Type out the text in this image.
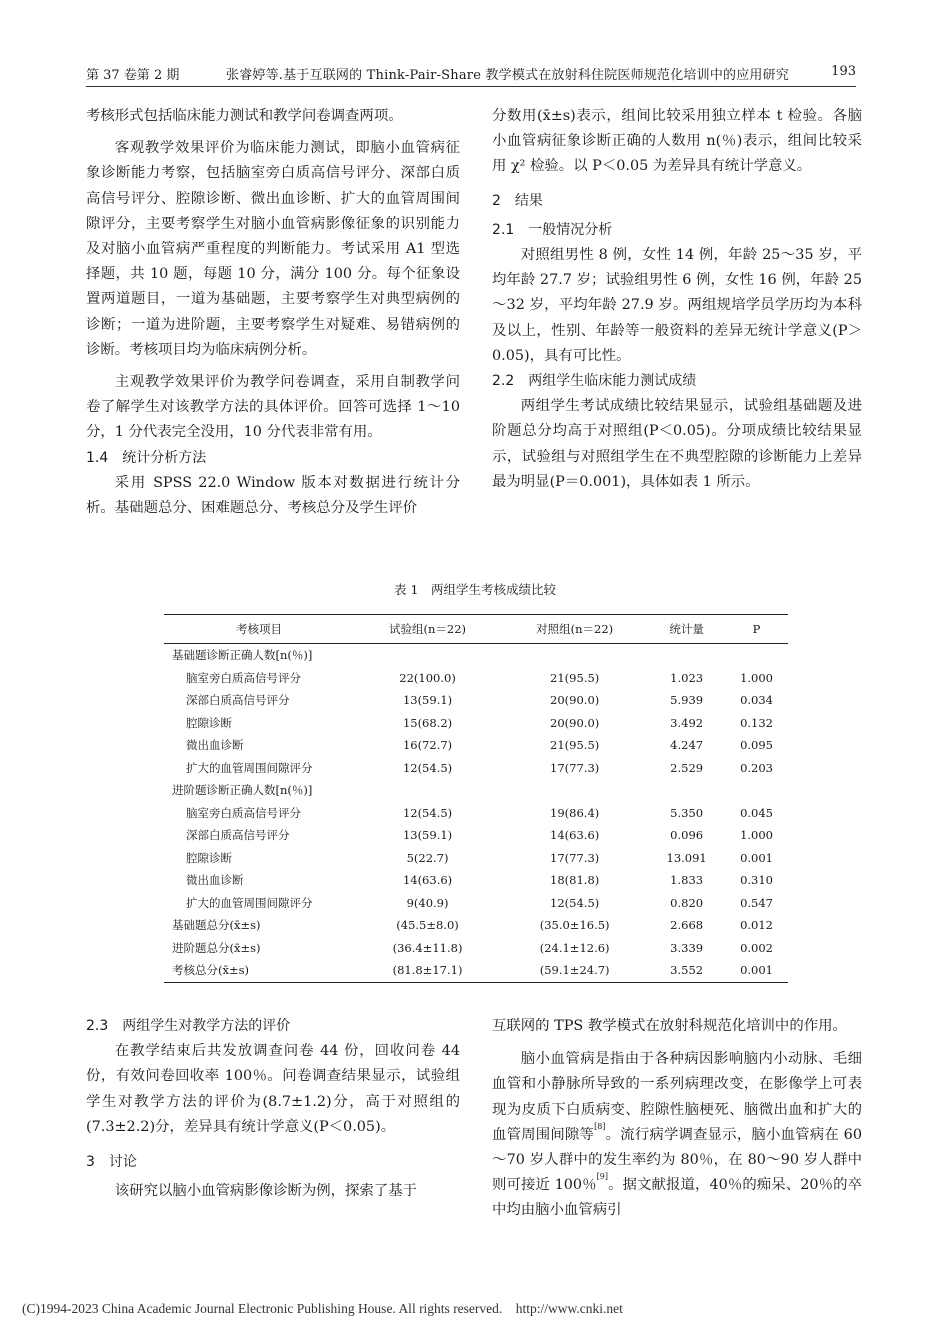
第 37 卷第 2 期	张睿婷等.基于互联网的 Think-Pair-Share 教学模式在放射科住院医师规范化培训中的应用研究	193

考核形式包括临床能力测试和教学问卷调查两项。

客观教学效果评价为临床能力测试，即脑小血管病征象诊断能力考察，包括脑室旁白质高信号评分、深部白质高信号评分、腔隙诊断、微出血诊断、扩大的血管周围间隙评分，主要考察学生对脑小血管病影像征象的识别能力及对脑小血管病严重程度的判断能力。考试采用 A1 型选择题，共 10 题，每题 10 分，满分 100 分。每个征象设置两道题目，一道为基础题，主要考察学生对典型病例的诊断；一道为进阶题，主要考察学生对疑难、易错病例的诊断。考核项目均为临床病例分析。

主观教学效果评价为教学问卷调查，采用自制教学问卷了解学生对该教学方法的具体评价。回答可选择 1～10 分，1 分代表完全没用，10 分代表非常有用。

1.4　统计分析方法

采用 SPSS 22.0 Window 版本对数据进行统计分析。基础题总分、困难题总分、考核总分及学生评价

分数用(x̄±s)表示，组间比较采用独立样本 t 检验。各脑小血管病征象诊断正确的人数用 n(％)表示，组间比较采用 χ² 检验。以 P＜0.05 为差异具有统计学意义。

2　结果

2.1　一般情况分析

对照组男性 8 例，女性 14 例，年龄 25～35 岁，平均年龄 27.7 岁；试验组男性 6 例，女性 16 例，年龄 25～32 岁，平均年龄 27.9 岁。两组规培学员学历均为本科及以上，性别、年龄等一般资料的差异无统计学意义(P＞0.05)，具有可比性。

2.2　两组学生临床能力测试成绩

两组学生考试成绩比较结果显示，试验组基础题及进阶题总分均高于对照组(P＜0.05)。分项成绩比较结果显示，试验组与对照组学生在不典型腔隙的诊断能力上差异最为明显(P＝0.001)，具体如表 1 所示。

表 1　两组学生考核成绩比较
考核项目	试验组(n＝22)	对照组(n＝22)	统计量	P
基础题诊断正确人数[n(％)]				
脑室旁白质高信号评分	22(100.0)	21(95.5)	1.023	1.000
深部白质高信号评分	13(59.1)	20(90.0)	5.939	0.034
腔隙诊断	15(68.2)	20(90.0)	3.492	0.132
微出血诊断	16(72.7)	21(95.5)	4.247	0.095
扩大的血管周围间隙评分	12(54.5)	17(77.3)	2.529	0.203
进阶题诊断正确人数[n(％)]				
脑室旁白质高信号评分	12(54.5)	19(86.4)	5.350	0.045
深部白质高信号评分	13(59.1)	14(63.6)	0.096	1.000
腔隙诊断	5(22.7)	17(77.3)	13.091	0.001
微出血诊断	14(63.6)	18(81.8)	1.833	0.310
扩大的血管周围间隙评分	9(40.9)	12(54.5)	0.820	0.547
基础题总分(x̄±s)	(45.5±8.0)	(35.0±16.5)	2.668	0.012
进阶题总分(x̄±s)	(36.4±11.8)	(24.1±12.6)	3.339	0.002
考核总分(x̄±s)	(81.8±17.1)	(59.1±24.7)	3.552	0.001

2.3　两组学生对教学方法的评价

在教学结束后共发放调查问卷 44 份，回收问卷 44 份，有效问卷回收率 100％。问卷调查结果显示，试验组学生对教学方法的评价为(8.7±1.2)分，高于对照组的(7.3±2.2)分，差异具有统计学意义(P＜0.05)。

3　讨论

该研究以脑小血管病影像诊断为例，探索了基于

互联网的 TPS 教学模式在放射科规范化培训中的作用。

脑小血管病是指由于各种病因影响脑内小动脉、毛细血管和小静脉所导致的一系列病理改变，在影像学上可表现为皮质下白质病变、腔隙性脑梗死、脑微出血和扩大的血管周围间隙等[8]。流行病学调查显示，脑小血管病在 60～70 岁人群中的发生率约为 80％，在 80～90 岁人群中则可接近 100％[9]。据文献报道，40％的痴呆、20％的卒中均由脑小血管病引

(C)1994-2023 China Academic Journal Electronic Publishing House. All rights reserved.　http://www.cnki.net
